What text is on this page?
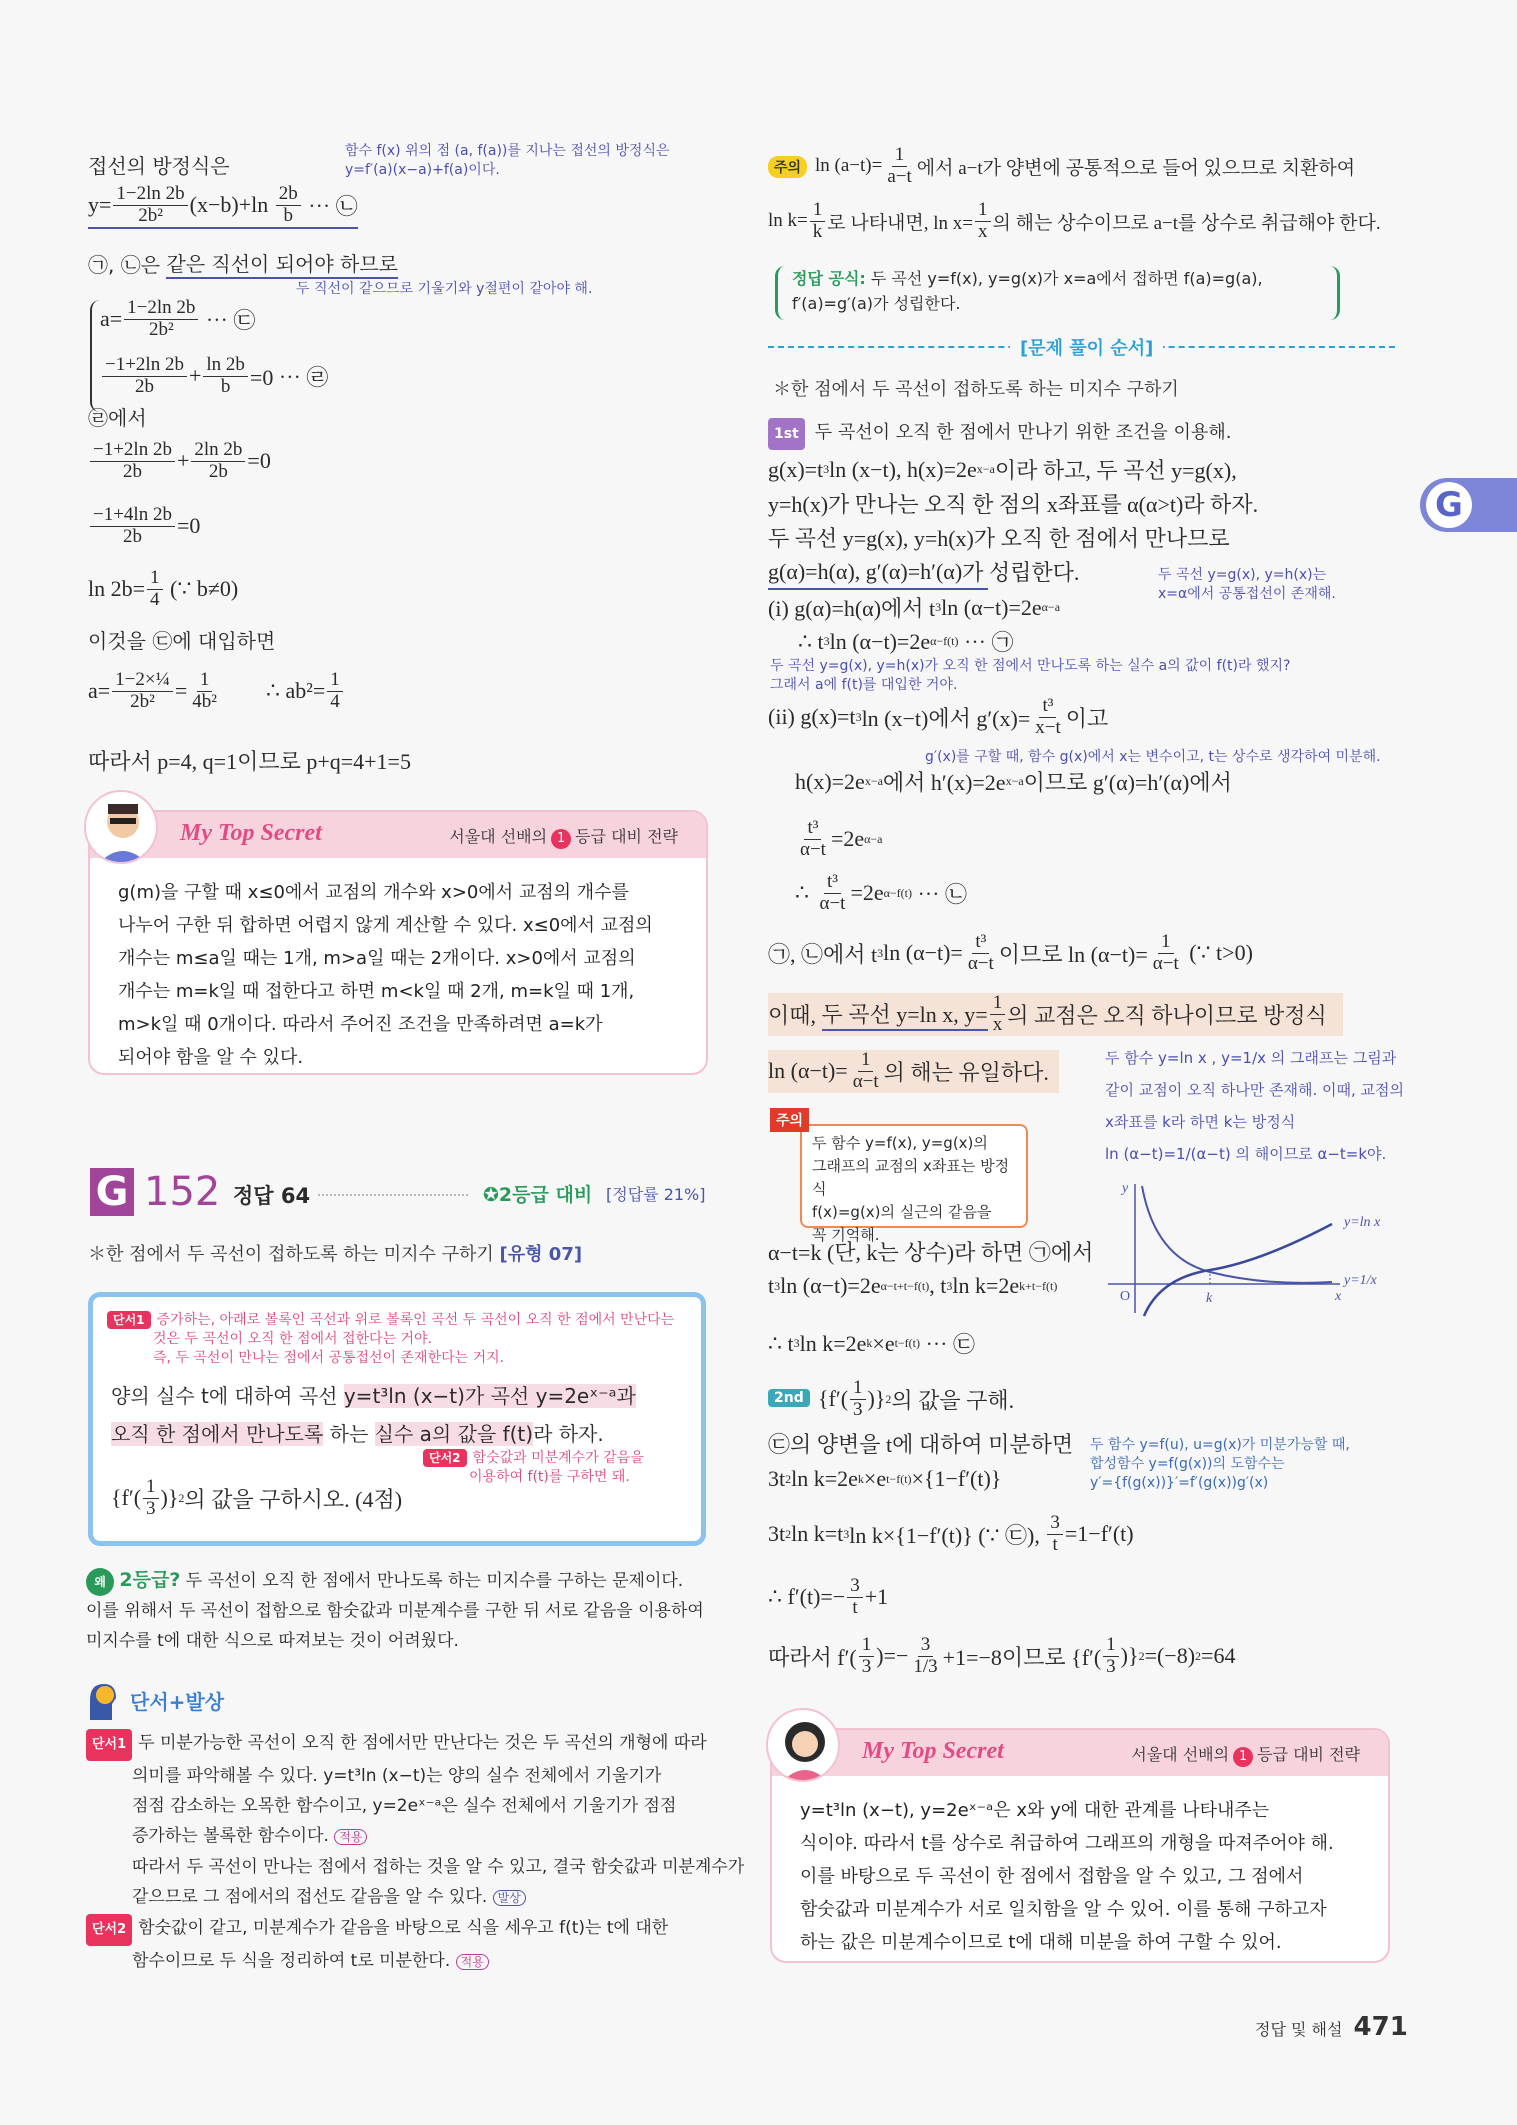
G
접선의 방정식은
함수 f(x) 위의 점 (a, f(a))를 지나는 접선의 방정식은
y=f′(a)(x−a)+f(a)이다.
$y= \frac{1-2\ln 2b}{\text{2b²}} (x-b)+\ln \frac{2b}{b}$ ⋯ ㉡
㉠, ㉡은 같은 직선이 되어야 하므로
두 직선이 같으므로 기울기와 y절편이 같아야 해.
$a= \frac{1-2\ln 2b}{\text{2b²}}$ ⋯ ㉢
$\frac{-1+2\ln 2b}{2b} + \frac{\ln 2b}{b} =0$ ⋯ ㉣
㉣에서
$\frac{-1+2\ln 2b}{2b} + \frac{2\ln 2b}{2b} =0$
$\frac{-1+4\ln 2b}{2b} =0$
$\ln 2b= \frac{1}{4}$ (∵ b≠0)
이것을 ㉢에 대입하면
$a= \frac{\text{1−2×¼}}{\text{2b²}} = \frac{1}{\text{4b²}}$ ∴ $ab^2= \frac{1}{4}$
따라서 p=4, q=1이므로 p+q=4+1=5
My Top Secret	서울대 선배의 1 등급 대비 전략
g(m)을 구할 때 x≤0에서 교점의 개수와 x>0에서 교점의 개수를
나누어 구한 뒤 합하면 어렵지 않게 계산할 수 있다. x≤0에서 교점의
개수는 m≤a일 때는 1개, m>a일 때는 2개이다. x>0에서 교점의
개수는 m=k일 때 접한다고 하면 m<k일 때 2개, m=k일 때 1개,
m>k일 때 0개이다. 따라서 주어진 조건을 만족하려면 a=k가
되어야 함을 알 수 있다.
G 152 정답 64	✪2등급 대비 [정답률 21%]
＊한 점에서 두 곡선이 접하도록 하는 미지수 구하기 [유형 07]
단서1 증가하는, 아래로 볼록인 곡선과 위로 볼록인 곡선 두 곡선이 오직 한 점에서 만난다는
것은 두 곡선이 오직 한 점에서 접한다는 거야.
즉, 두 곡선이 만나는 점에서 공통접선이 존재한다는 거지.
양의 실수 t에 대하여 곡선 y=t³ln (x−t)가 곡선 y=2eˣ⁻ᵃ과
오직 한 점에서 만나도록 하는 실수 a의 값을 f(t)라 하자.
단서2 함숫값과 미분계수가 같음을
이용하여 f(t)를 구하면 돼.
{$f'( \frac{1}{3}$ )} 2 의 값을 구하시오. (4점)
왜 2등급? 두 곡선이 오직 한 점에서 만나도록 하는 미지수를 구하는 문제이다.
이를 위해서 두 곡선이 접함으로 함숫값과 미분계수를 구한 뒤 서로 같음을 이용하여
미지수를 t에 대한 식으로 따져보는 것이 어려웠다.
단서+발상
단서1 두 미분가능한 곡선이 오직 한 점에서만 만난다는 것은 두 곡선의 개형에 따라
의미를 파악해볼 수 있다. y=t³ln (x−t)는 양의 실수 전체에서 기울기가
점점 감소하는 오목한 함수이고, y=2eˣ⁻ᵃ은 실수 전체에서 기울기가 점점
증가하는 볼록한 함수이다. 적용
따라서 두 곡선이 만나는 점에서 접하는 것을 알 수 있고, 결국 함숫값과 미분계수가
같으므로 그 점에서의 접선도 같음을 알 수 있다. 발상
단서2 함숫값이 같고, 미분계수가 같음을 바탕으로 식을 세우고 f(t)는 t에 대한
함수이므로 두 식을 정리하여 t로 미분한다. 적용
주의 $\ln (a-t)= \frac{1}{a-t}$ 에서 a−t가 양변에 공통적으로 들어 있으므로 치환하여
$\ln k= \frac{1}{k}$ 로 나타내면, $\ln x= \frac{1}{x}$ 의 해는 상수이므로 a−t를 상수로 취급해야 한다.
정답 공식: 두 곡선 y=f(x), y=g(x)가 x=a에서 접하면 f(a)=g(a),
f′(a)=g′(a)가 성립한다.
[문제 풀이 순서]
＊한 점에서 두 곡선이 접하도록 하는 미지수 구하기
1st 두 곡선이 오직 한 점에서 만나기 위한 조건을 이용해.
g(x)=t 3 ln (x−t), h(x)=2e x−a 이라 하고, 두 곡선 y=g(x),
y=h(x)가 만나는 오직 한 점의 x좌표를 α(α>t)라 하자.
두 곡선 y=g(x), y=h(x)가 오직 한 점에서 만나므로
g(α)=h(α), g′(α)=h′(α) 가 성립한다.	두 곡선 y=g(x), y=h(x)는
x=α에서 공통접선이 존재해.
(i) g(α)=h(α)에서 t 3 ln (α−t)=2e α−a
∴ t 3 ln (α−t)=2e α−f(t) ⋯ ㉠
두 곡선 y=g(x), y=h(x)가 오직 한 점에서 만나도록 하는 실수 a의 값이 f(t)라 했지?
그래서 a에 f(t)를 대입한 거야.
(ii) g(x)=t 3 ln (x−t)에서 $g'(x)= \frac{\text{t³}}{x-t}$ 이고
g′(x)를 구할 때, 함수 g(x)에서 x는 변수이고, t는 상수로 생각하여 미분해.
h(x)=2e x−a 에서 h′(x)=2e x−a 이므로 g′(α)=h′(α)에서
$\frac{\text{t³}}{\alpha-t} =2e$ α−a
∴ $\frac{\text{t³}}{\alpha-t} =2e$ α−f(t) ⋯ ㉡
㉠, ㉡에서 t 3 $\ln (\alpha-t)= \frac{\text{t³}}{\alpha-t}$ 이므로 $\ln (\alpha-t)= \frac{1}{\alpha-t}$ (∵ t>0)
이때, 두 곡선 y=ln x, $y= \frac{1}{x}$ 의 교점은 오직 하나이므로 방정식
$\ln (\alpha-t)= \frac{1}{\alpha-t}$ 의 해는 유일하다.
두 함수 y=f(x), y=g(x)의
그래프의 교점의 x좌표는 방정식
f(x)=g(x)의 실근의 같음을
꼭 기억해.
주의
두 함수 y=ln x , y=1/x 의 그래프는 그림과
같이 교점이 오직 하나만 존재해. 이때, 교점의
x좌표를 k라 하면 k는 방정식
ln (α−t)=1/(α−t) 의 해이므로 α−t=k야.
y
O	k	x
y=ln x
y=1/x
α−t=k (단, k는 상수)라 하면 ㉠에서
t 3 ln (α−t)=2e α−t+t−f(t) , t 3 ln k=2e k+t−f(t)
∴ t 3 ln k=2e k ×e t−f(t) ⋯ ㉢
2nd {$f'( \frac{1}{3}$ )} 2 의 값을 구해.
㉢의 양변을 t에 대하여 미분하면
3t 2 ln k=2e k ×e t−f(t) ×{1−f′(t)}
두 함수 y=f(u), u=g(x)가 미분가능할 때,
합성함수 y=f(g(x))의 도함수는
y′={f(g(x))}′=f′(g(x))g′(x)
3t 2 ln k=t 3 ln k×{1−f′(t)} (∵ ㉢), $\frac{3}{t} =1-f'(t)$
∴ $f'(t)=- \frac{3}{t} +1$
따라서 $f'( \frac{1}{3}$ )=− $\frac{3}{1/3} +1=-8$이므로 {$f'( \frac{1}{3}$ )} 2 =(−8) 2 =64
My Top Secret	서울대 선배의 1 등급 대비 전략
y=t³ln (x−t), y=2eˣ⁻ᵃ은 x와 y에 대한 관계를 나타내주는
식이야. 따라서 t를 상수로 취급하여 그래프의 개형을 따져주어야 해.
이를 바탕으로 두 곡선이 한 점에서 접함을 알 수 있고, 그 점에서
함숫값과 미분계수가 서로 일치함을 알 수 있어. 이를 통해 구하고자
하는 값은 미분계수이므로 t에 대해 미분을 하여 구할 수 있어.
정답 및 해설 471
